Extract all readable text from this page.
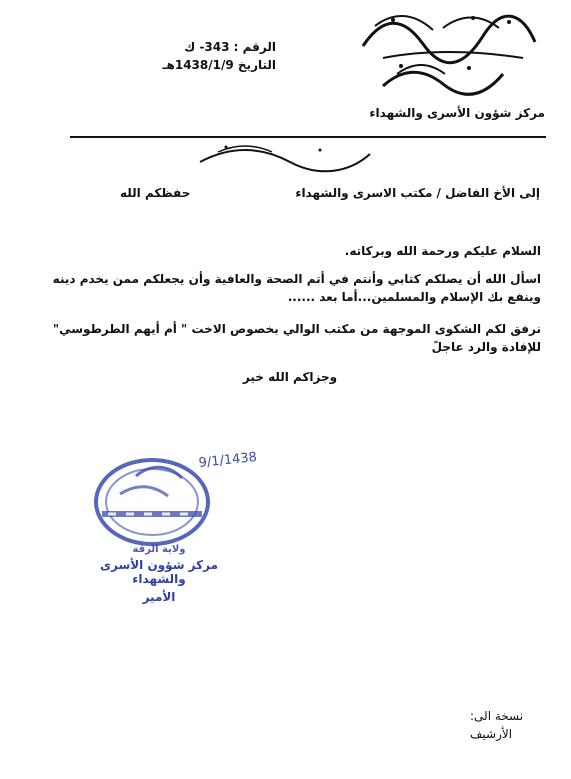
مركز شؤون الأسرى والشهداء
الرقم : 343- ك
التاريخ 1438/1/9هـ
إلى الأخ الفاضل / مكتب الاسرى والشهداء
حفظكم الله
السلام عليكم ورحمة الله وبركاته.
اسأل الله أن يصلكم كتابي وأنتم في أتم الصحة والعافية وأن يجعلكم ممن يخدم دينه وينفع بك الإسلام والمسلمين...أما بعد ......
نرفق لكم الشكوى الموجهة من مكتب الوالي بخصوص الاخت " أم أيهم الطرطوسي" للإفادة والرد عاجلً
وجزاكم الله خير
9/1/1438
ولاية الرقة
مركز شؤون الأسرى والشهداء
الأمير
نسخة الى:
الأرشيف
